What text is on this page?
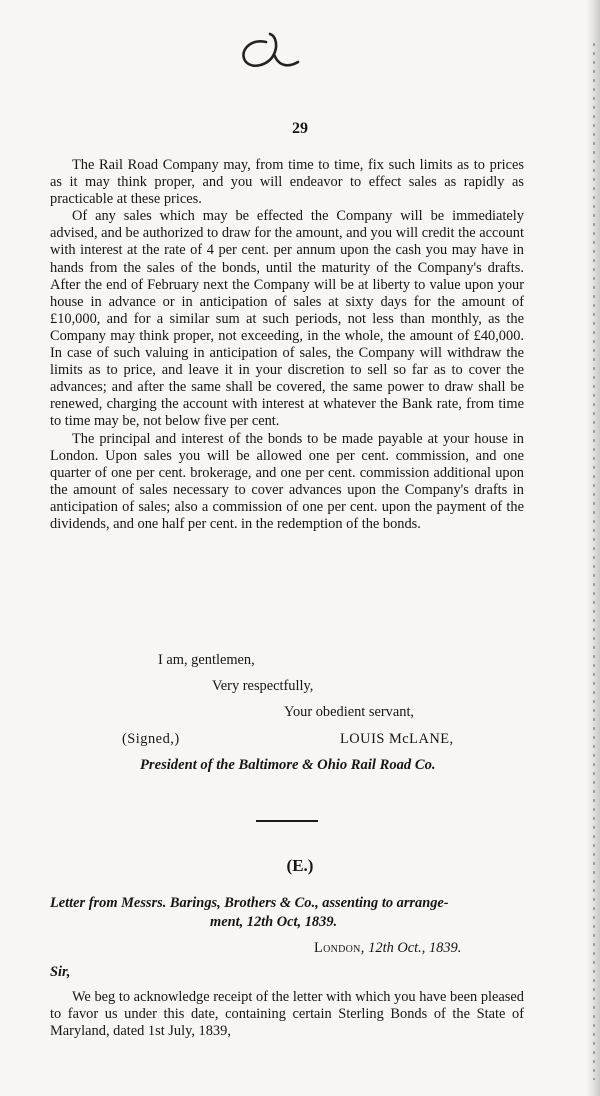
29

The Rail Road Company may, from time to time, fix such limits as to prices as it may think proper, and you will endeavor to effect sales as rapidly as practicable at these prices.

Of any sales which may be effected the Company will be immediately advised, and be authorized to draw for the amount, and you will credit the account with interest at the rate of 4 per cent. per annum upon the cash you may have in hands from the sales of the bonds, until the maturity of the Company's drafts. After the end of February next the Company will be at liberty to value upon your house in advance or in anticipation of sales at sixty days for the amount of £10,000, and for a similar sum at such periods, not less than monthly, as the Company may think proper, not exceeding, in the whole, the amount of £40,000. In case of such valuing in anticipation of sales, the Company will withdraw the limits as to price, and leave it in your discretion to sell so far as to cover the advances; and after the same shall be covered, the same power to draw shall be renewed, charging the account with interest at whatever the Bank rate, from time to time may be, not below five per cent.

The principal and interest of the bonds to be made payable at your house in London. Upon sales you will be allowed one per cent. commission, and one quarter of one per cent. brokerage, and one per cent. commission additional upon the amount of sales necessary to cover advances upon the Company's drafts in anticipation of sales; also a commission of one per cent. upon the payment of the dividends, and one half per cent. in the redemption of the bonds.

I am, gentlemen,
Very respectfully,
Your obedient servant,
(Signed,)	LOUIS McLANE,
President of the Baltimore & Ohio Rail Road Co.
(E.)
Letter from Messrs. Barings, Brothers & Co., assenting to arrange-
ment, 12th Oct, 1839.
London, 12th Oct., 1839.
Sir,

We beg to acknowledge receipt of the letter with which you have been pleased to favor us under this date, containing certain Sterling Bonds of the State of Maryland, dated 1st July, 1839,
